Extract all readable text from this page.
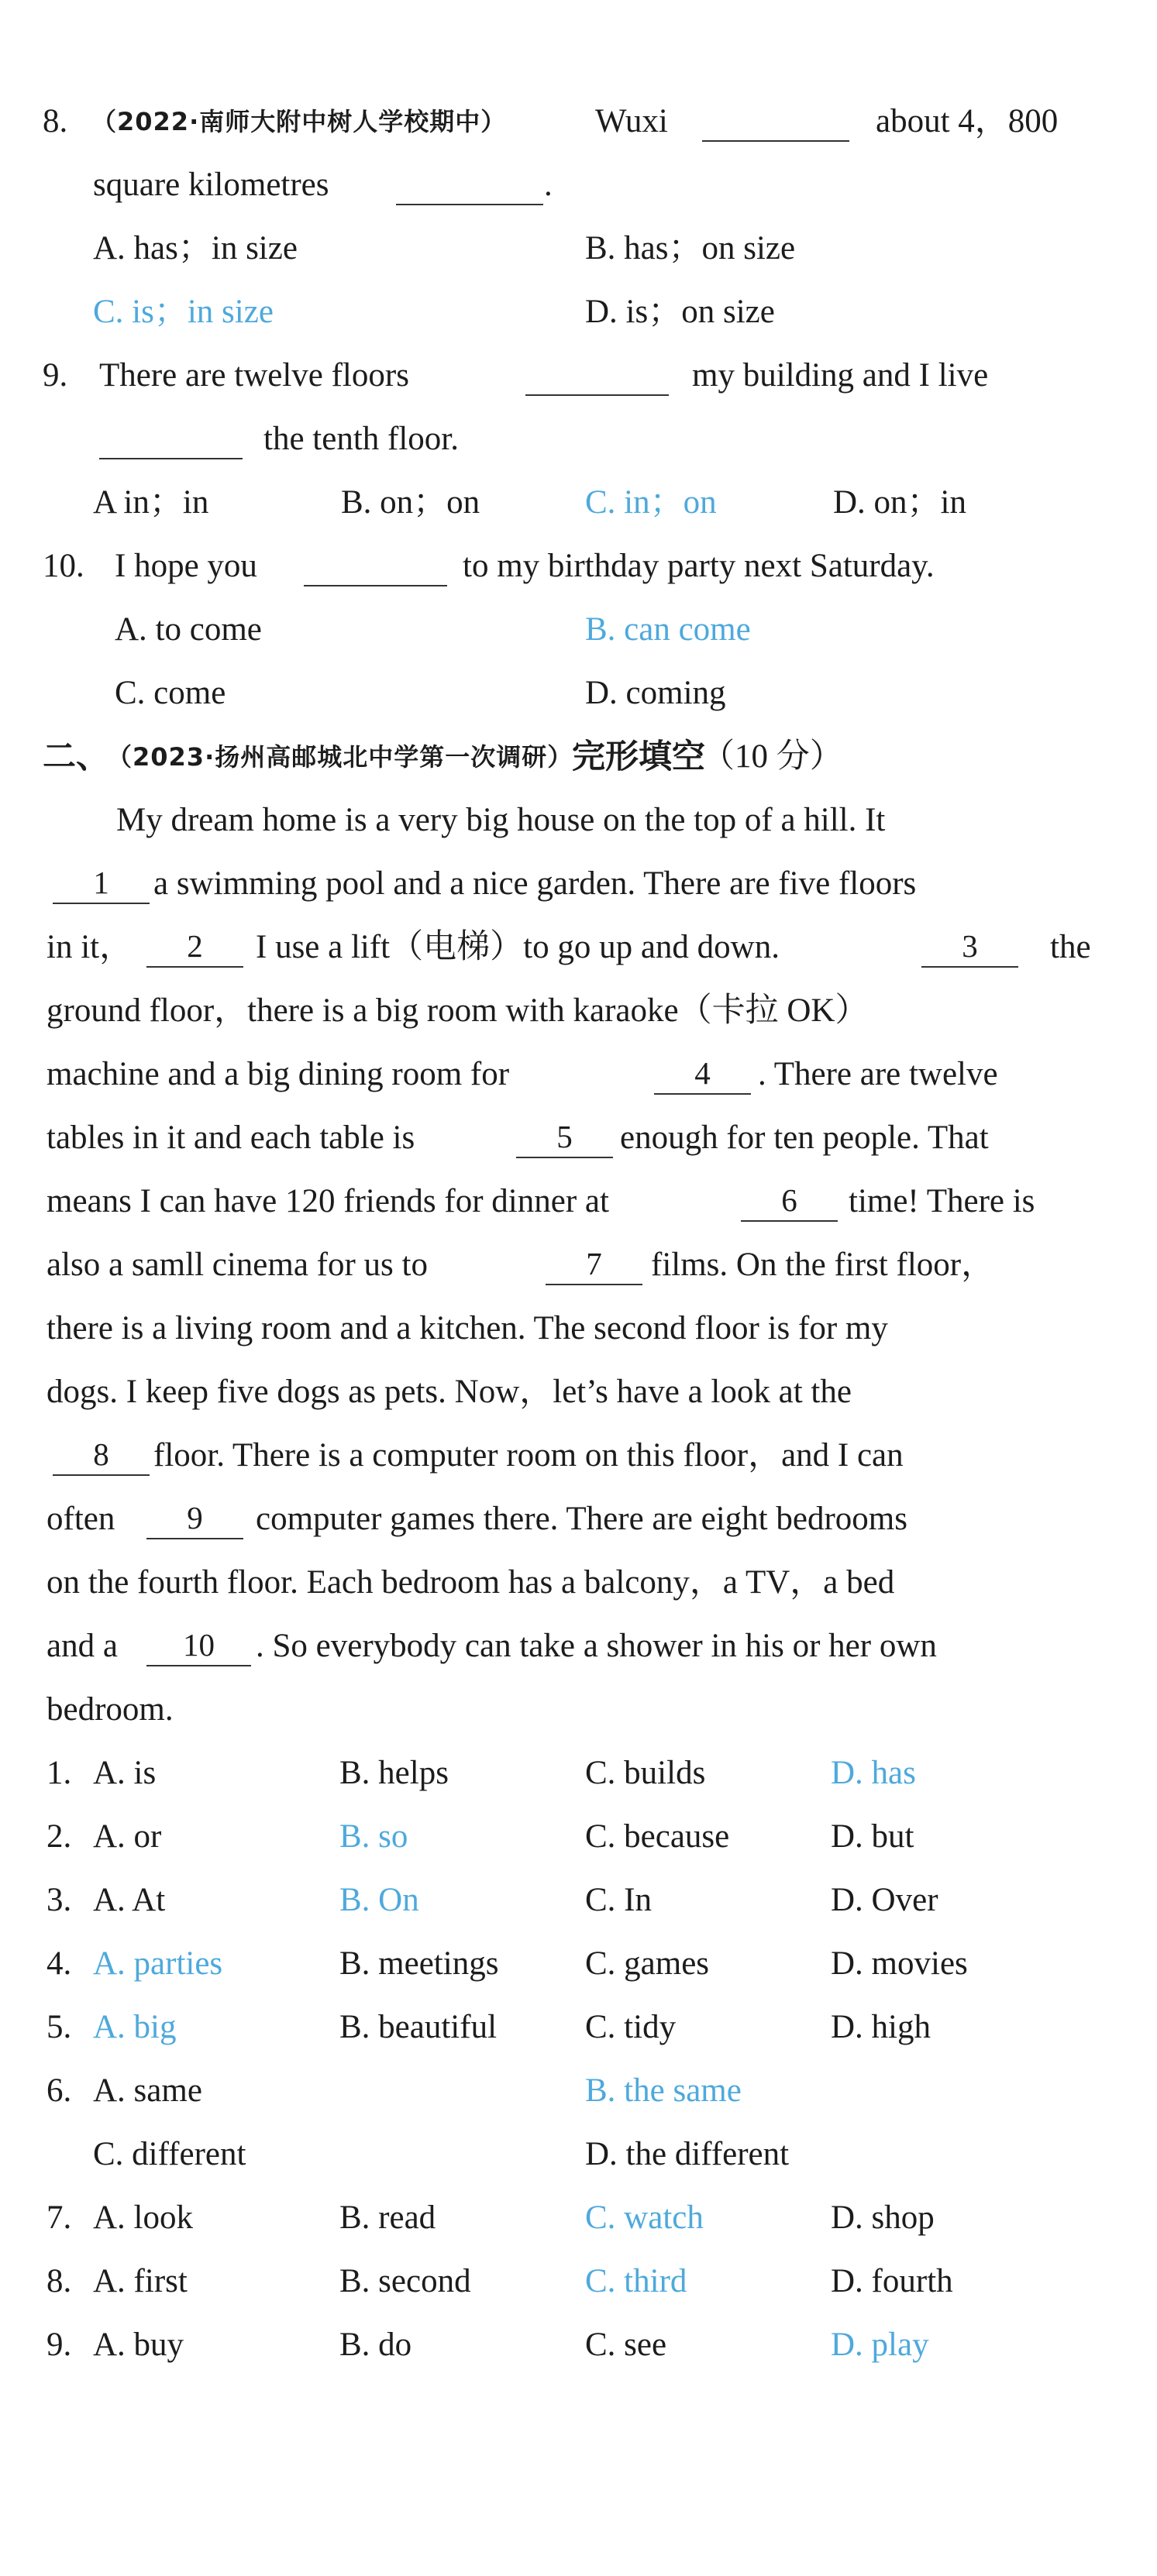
8. （2022·南师大附中树人学校期中）	Wuxi	about 4，800
square kilometres	.
A. has；in size	B. has；on size
C. is；in size	D. is；on size
9. There are twelve floors	my building and I live
the tenth floor.
A in；in	B. on；on	C. in；on	D. on；in
10. I hope you	to my birthday party next Saturday.
A. to come	B. can come
C. come	D. coming
二、
（2023·扬州高邮城北中学第一次调研）
完形填空
（10 分）
My dream home is a very big house on the top of a hill. It
1	a swimming pool and a nice garden. There are five floors
in it，	2	I use a lift（电梯）to go up and down.	3	the
ground floor，there is a big room with karaoke（卡拉 OK）
machine and a big dining room for	4	. There are twelve
tables in it and each table is	5	enough for ten people. That
means I can have 120 friends for dinner at	6	time! There is
also a samll cinema for us to	7	films. On the first floor，
there is a living room and a kitchen. The second floor is for my
dogs. I keep five dogs as pets. Now，let’s have a look at the
8	floor. There is a computer room on this floor，and I can
often	9	computer games there. There are eight bedrooms
on the fourth floor. Each bedroom has a balcony，a TV，a bed
and a	10	. So everybody can take a shower in his or her own
bedroom.
1. A. is	B. helps	C. builds	D. has
2. A. or	B. so	C. because	D. but
3. A. At	B. On	C. In	D. Over
4. A. parties	B. meetings	C. games	D. movies
5. A. big	B. beautiful	C. tidy	D. high
6. A. same	B. the same
C. different	D. the different
7. A. look	B. read	C. watch	D. shop
8. A. first	B. second	C. third	D. fourth
9. A. buy	B. do	C. see	D. play
